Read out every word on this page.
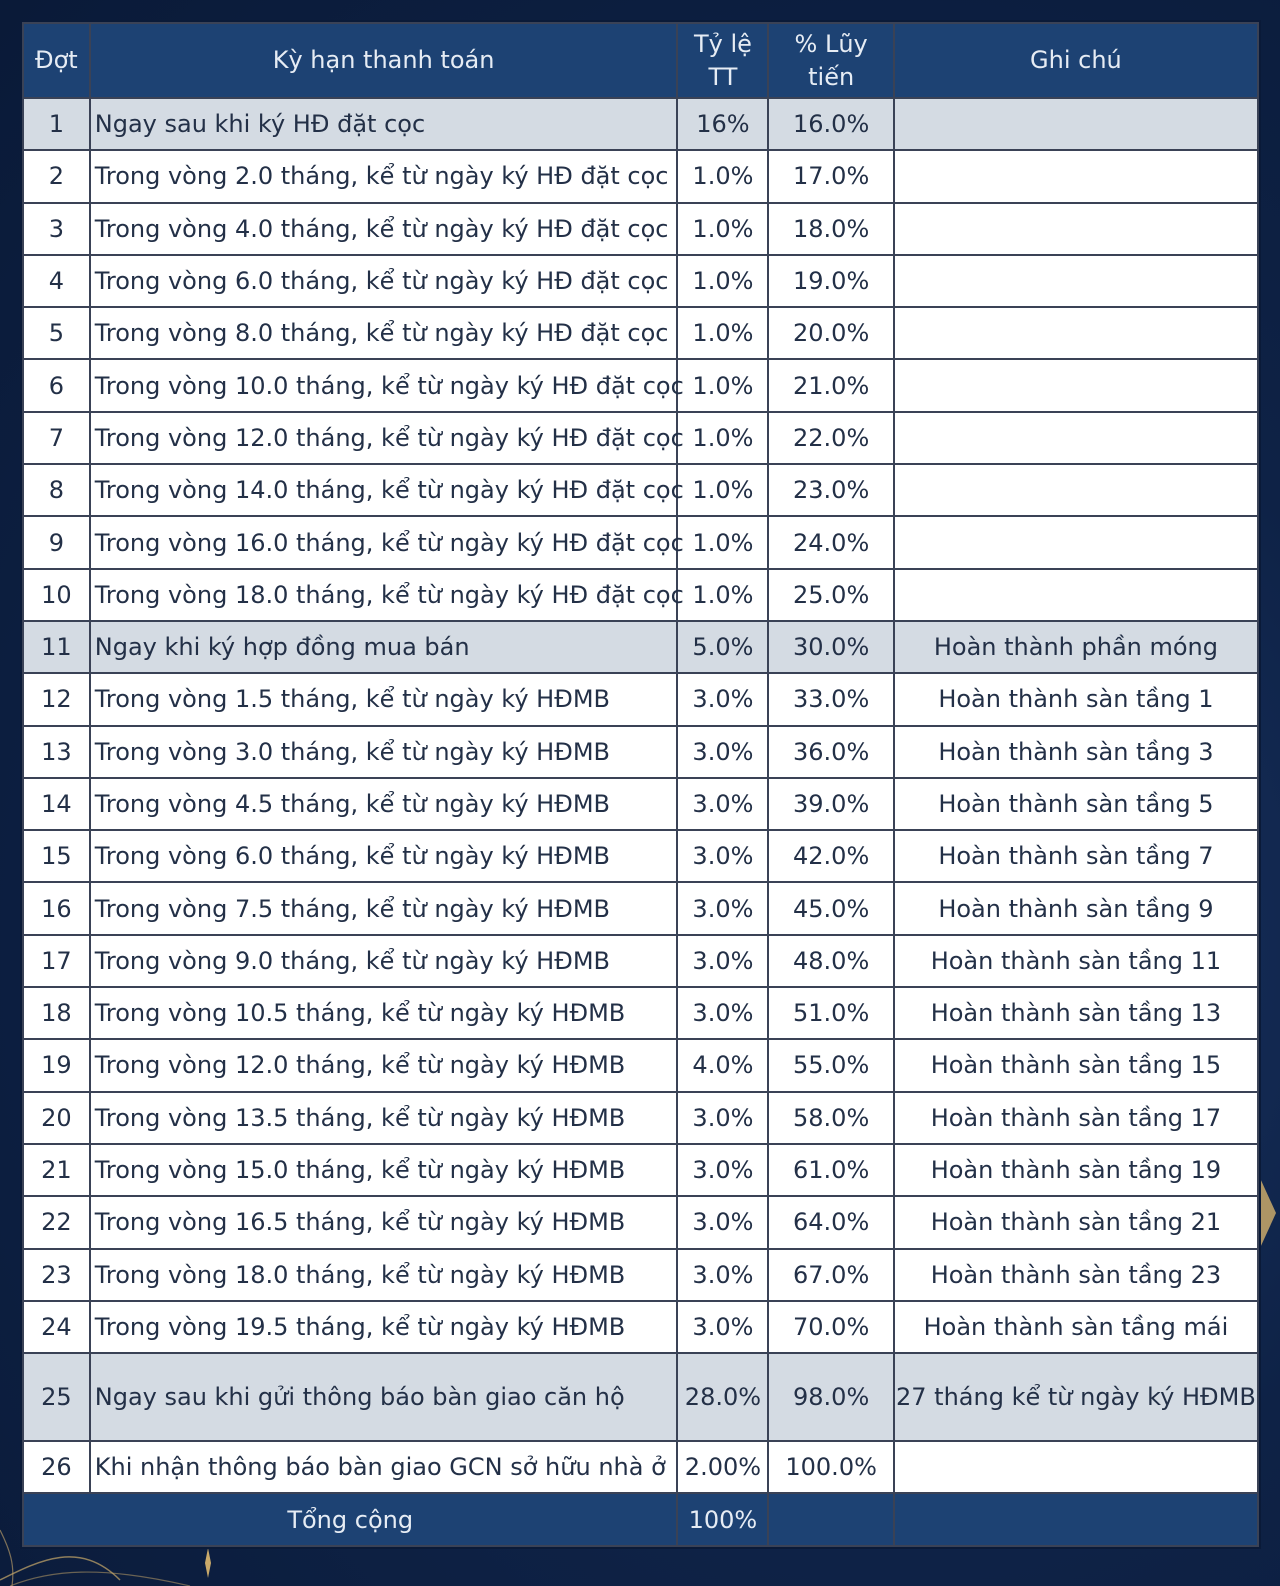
Đợt	Kỳ hạn thanh toán	Tỷ lệ TT	% Lũy tiến	Ghi chú
1	Ngay sau khi ký HĐ đặt cọc	16%	16.0%	
2	Trong vòng 2.0 tháng, kể từ ngày ký HĐ đặt cọc	1.0%	17.0%	
3	Trong vòng 4.0 tháng, kể từ ngày ký HĐ đặt cọc	1.0%	18.0%	
4	Trong vòng 6.0 tháng, kể từ ngày ký HĐ đặt cọc	1.0%	19.0%	
5	Trong vòng 8.0 tháng, kể từ ngày ký HĐ đặt cọc	1.0%	20.0%	
6	Trong vòng 10.0 tháng, kể từ ngày ký HĐ đặt cọc	1.0%	21.0%	
7	Trong vòng 12.0 tháng, kể từ ngày ký HĐ đặt cọc	1.0%	22.0%	
8	Trong vòng 14.0 tháng, kể từ ngày ký HĐ đặt cọc	1.0%	23.0%	
9	Trong vòng 16.0 tháng, kể từ ngày ký HĐ đặt cọc	1.0%	24.0%	
10	Trong vòng 18.0 tháng, kể từ ngày ký HĐ đặt cọc	1.0%	25.0%	
11	Ngay khi ký hợp đồng mua bán	5.0%	30.0%	Hoàn thành phần móng
12	Trong vòng 1.5 tháng, kể từ ngày ký HĐMB	3.0%	33.0%	Hoàn thành sàn tầng 1
13	Trong vòng 3.0 tháng, kể từ ngày ký HĐMB	3.0%	36.0%	Hoàn thành sàn tầng 3
14	Trong vòng 4.5 tháng, kể từ ngày ký HĐMB	3.0%	39.0%	Hoàn thành sàn tầng 5
15	Trong vòng 6.0 tháng, kể từ ngày ký HĐMB	3.0%	42.0%	Hoàn thành sàn tầng 7
16	Trong vòng 7.5 tháng, kể từ ngày ký HĐMB	3.0%	45.0%	Hoàn thành sàn tầng 9
17	Trong vòng 9.0 tháng, kể từ ngày ký HĐMB	3.0%	48.0%	Hoàn thành sàn tầng 11
18	Trong vòng 10.5 tháng, kể từ ngày ký HĐMB	3.0%	51.0%	Hoàn thành sàn tầng 13
19	Trong vòng 12.0 tháng, kể từ ngày ký HĐMB	4.0%	55.0%	Hoàn thành sàn tầng 15
20	Trong vòng 13.5 tháng, kể từ ngày ký HĐMB	3.0%	58.0%	Hoàn thành sàn tầng 17
21	Trong vòng 15.0 tháng, kể từ ngày ký HĐMB	3.0%	61.0%	Hoàn thành sàn tầng 19
22	Trong vòng 16.5 tháng, kể từ ngày ký HĐMB	3.0%	64.0%	Hoàn thành sàn tầng 21
23	Trong vòng 18.0 tháng, kể từ ngày ký HĐMB	3.0%	67.0%	Hoàn thành sàn tầng 23
24	Trong vòng 19.5 tháng, kể từ ngày ký HĐMB	3.0%	70.0%	Hoàn thành sàn tầng mái
25	Ngay sau khi gửi thông báo bàn giao căn hộ	28.0%	98.0%	27 tháng kể từ ngày ký HĐMB
26	Khi nhận thông báo bàn giao GCN sở hữu nhà ở	2.00%	100.0%	
Tổng cộng		100%		
